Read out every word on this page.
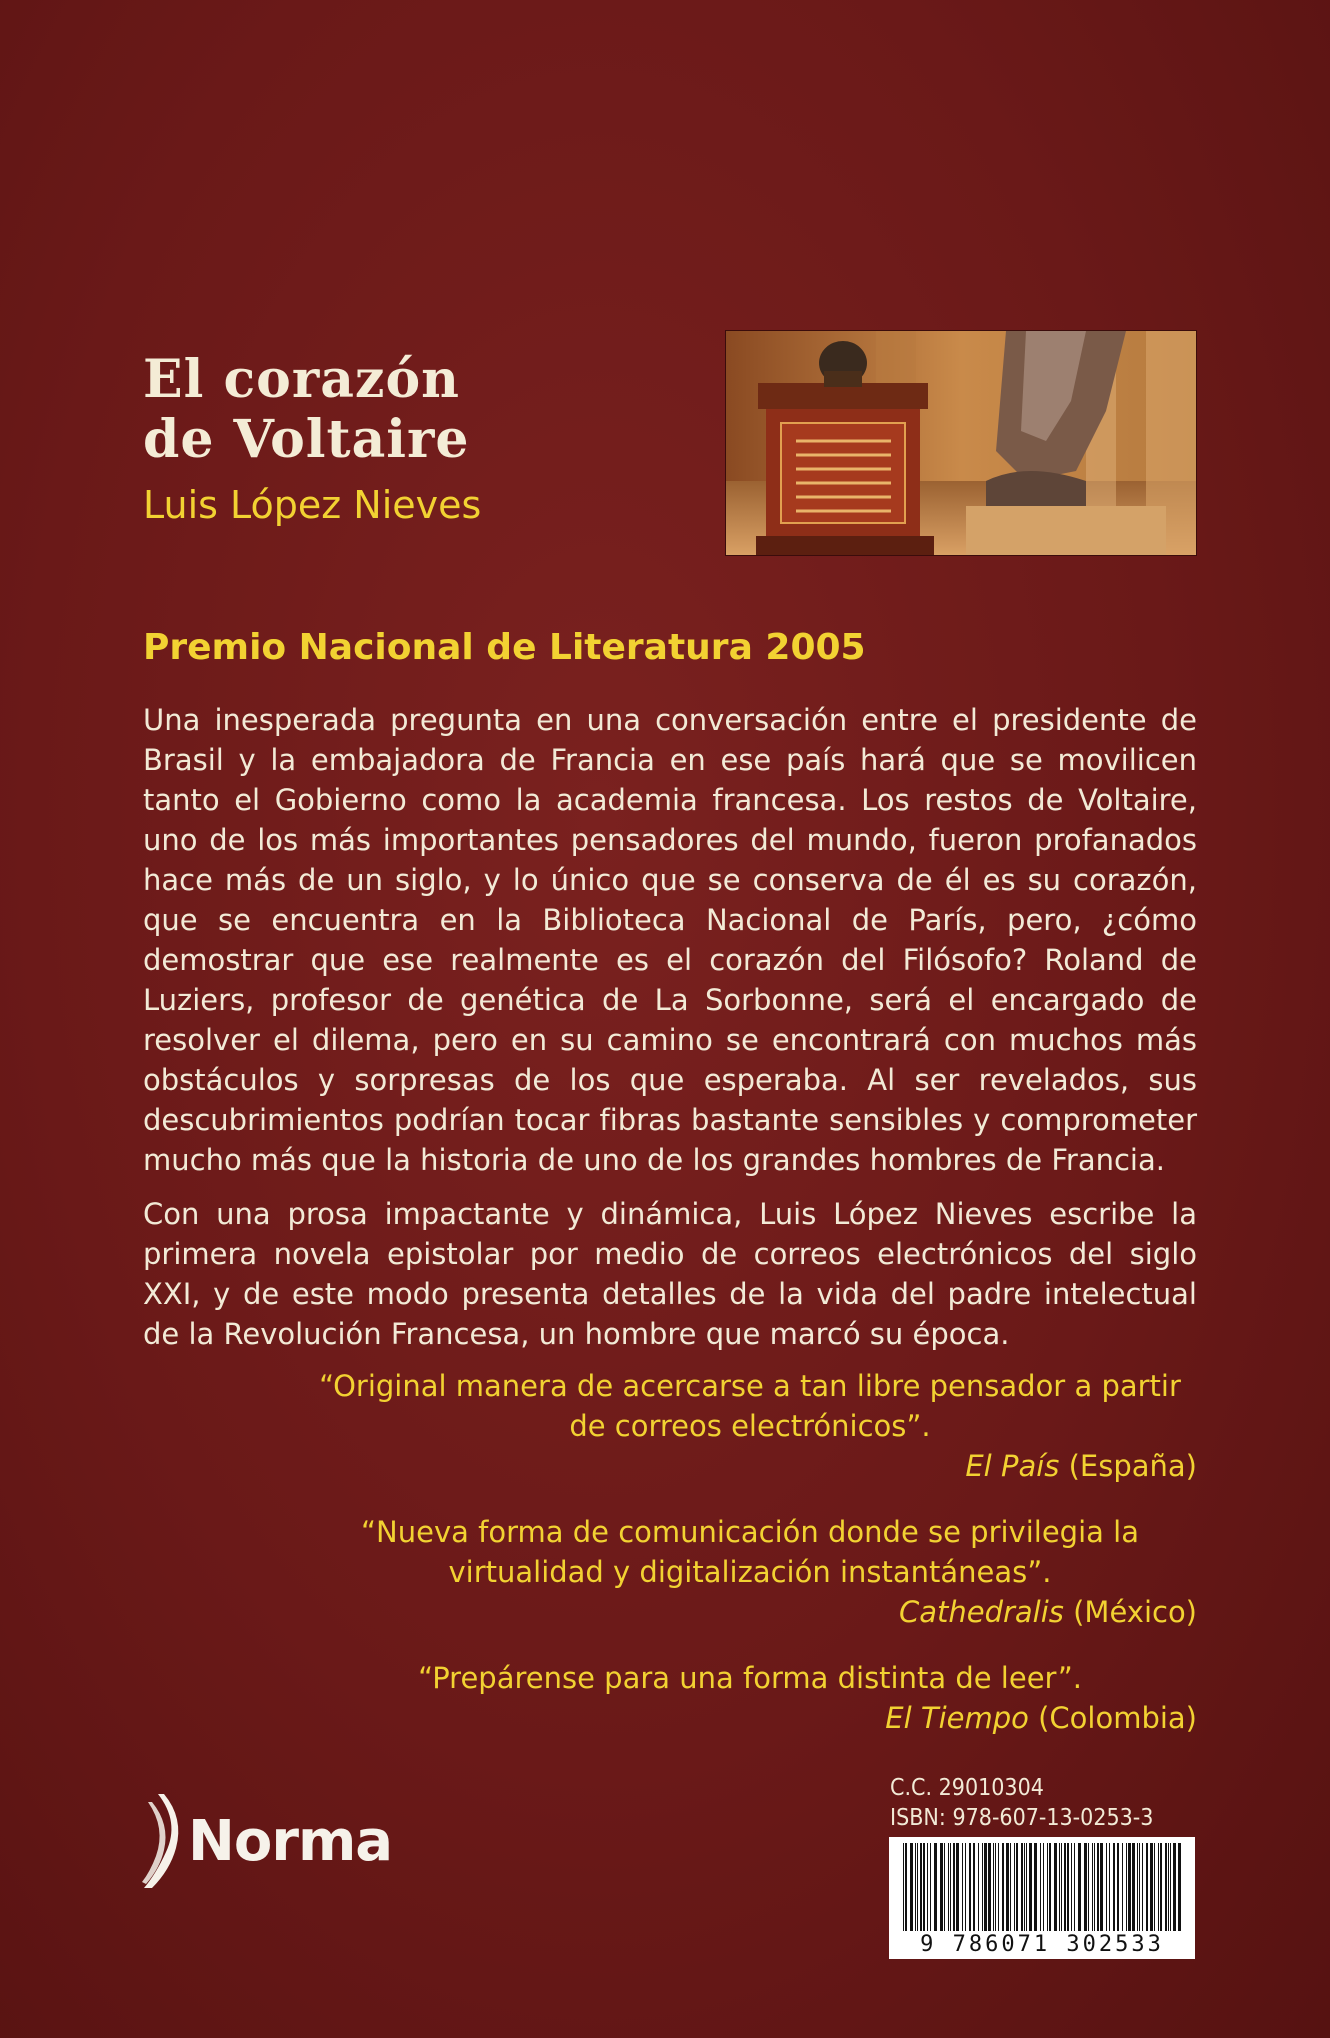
El corazón
de Voltaire

Luis López Nieves

Premio Nacional de Literatura 2005

Una inesperada pregunta en una conversación entre el presidente de Brasil y la embajadora de Francia en ese país hará que se movilicen tanto el Gobierno como la academia francesa. Los restos de Voltaire, uno de los más importantes pensadores del mundo, fueron profanados hace más de un siglo, y lo único que se conserva de él es su corazón, que se encuentra en la Biblioteca Nacional de París, pero, ¿cómo demostrar que ese realmente es el corazón del Filósofo? Roland de Luziers, profesor de genética de La Sorbonne, será el encargado de resolver el dilema, pero en su camino se encontrará con muchos más obstáculos y sorpresas de los que esperaba. Al ser revelados, sus descubrimientos podrían tocar fibras bastante sensibles y comprometer mucho más que la historia de uno de los grandes hombres de Francia.

Con una prosa impactante y dinámica, Luis López Nieves escribe la primera novela epistolar por medio de correos electrónicos del siglo XXI, y de este modo presenta detalles de la vida del padre intelectual de la Revolución Francesa, un hombre que marcó su época.

“Original manera de acercarse a tan libre pensador a partir de correos electrónicos”.

El País (España)

“Nueva forma de comunicación donde se privilegia la virtualidad y digitalización instantáneas”.

Cathedralis (México)

“Prepárense para una forma distinta de leer”.

El Tiempo (Colombia)

Norma
C.C. 29010304
ISBN: 978-607-13-0253-3
9 786071 302533
